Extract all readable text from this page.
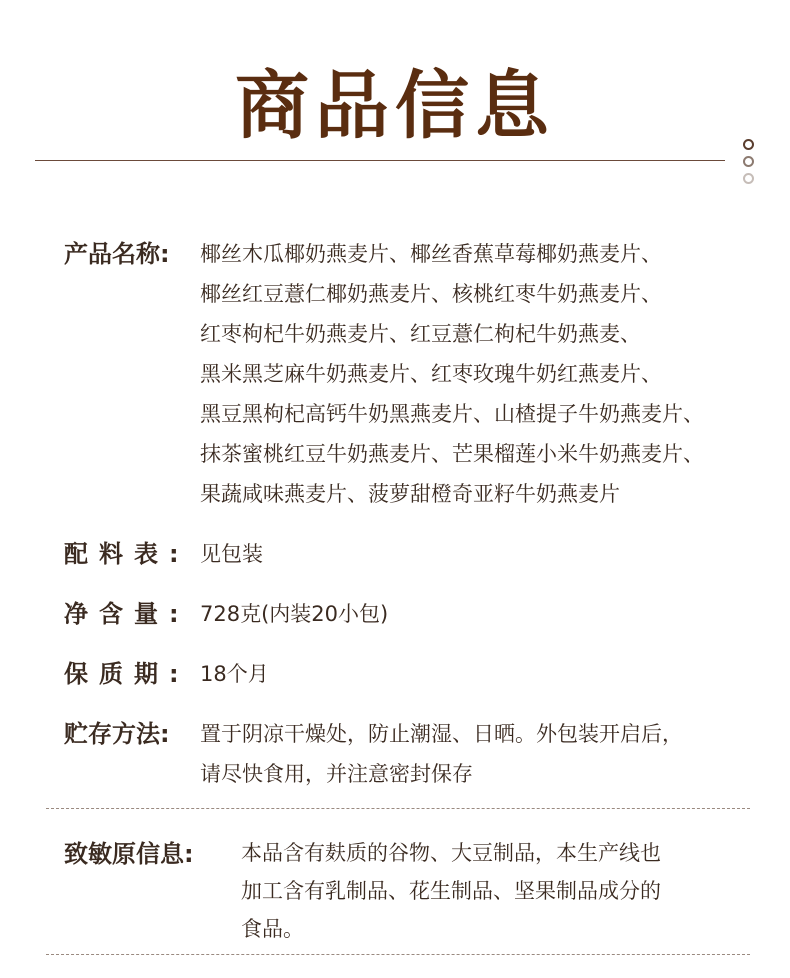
商品信息
产品名称: 椰丝木瓜椰奶燕麦片、椰丝香蕉草莓椰奶燕麦片、
椰丝红豆薏仁椰奶燕麦片、核桃红枣牛奶燕麦片、
红枣枸杞牛奶燕麦片、红豆薏仁枸杞牛奶燕麦、
黑米黑芝麻牛奶燕麦片、红枣玫瑰牛奶红燕麦片、
黑豆黑枸杞高钙牛奶黑燕麦片、山楂提子牛奶燕麦片、
抹茶蜜桃红豆牛奶燕麦片、芒果榴莲小米牛奶燕麦片、
果蔬咸味燕麦片、菠萝甜橙奇亚籽牛奶燕麦片
配料表: 见包装
净含量: 728克(内装20小包)
保质期: 18个月
贮存方法: 置于阴凉干燥处，防止潮湿、日晒。外包装开启后，
请尽快食用，并注意密封保存
致敏原信息: 本品含有麸质的谷物、大豆制品，本生产线也
加工含有乳制品、花生制品、坚果制品成分的
食品。
